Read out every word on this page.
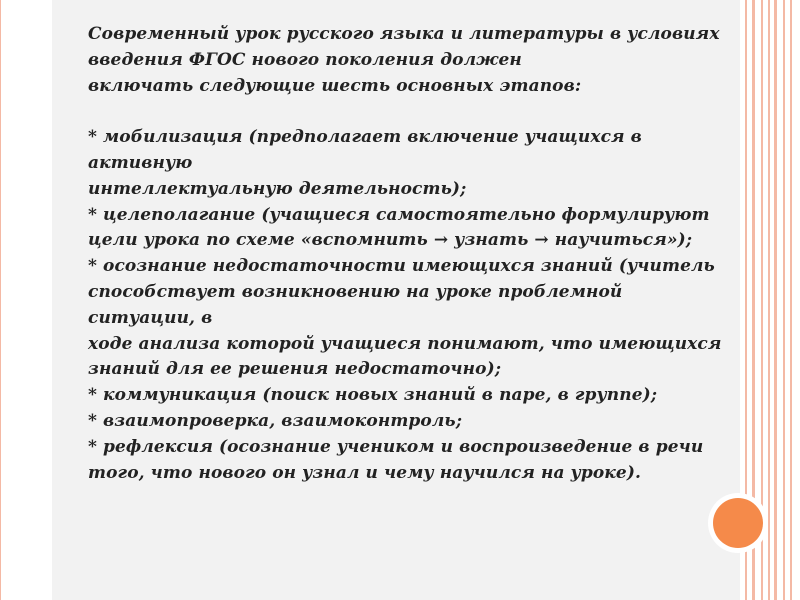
Современный урок русского языка и литературы в условиях

введения ФГОС нового поколения должен

включать следующие шесть основных этапов:

* мобилизация (предполагает включение учащихся в активную

интеллектуальную деятельность);

* целеполагание (учащиеся самостоятельно формулируют

цели урока по схеме «вспомнить → узнать → научиться»);

* осознание недостаточности имеющихся знаний (учитель

способствует возникновению на уроке проблемной ситуации, в

ходе анализа которой учащиеся понимают, что имеющихся

знаний для ее решения недостаточно);

* коммуникация (поиск новых знаний в паре, в группе);

* взаимопроверка, взаимоконтроль;

* рефлексия (осознание учеником и воспроизведение в речи

того, что нового он узнал и чему научился на уроке).
